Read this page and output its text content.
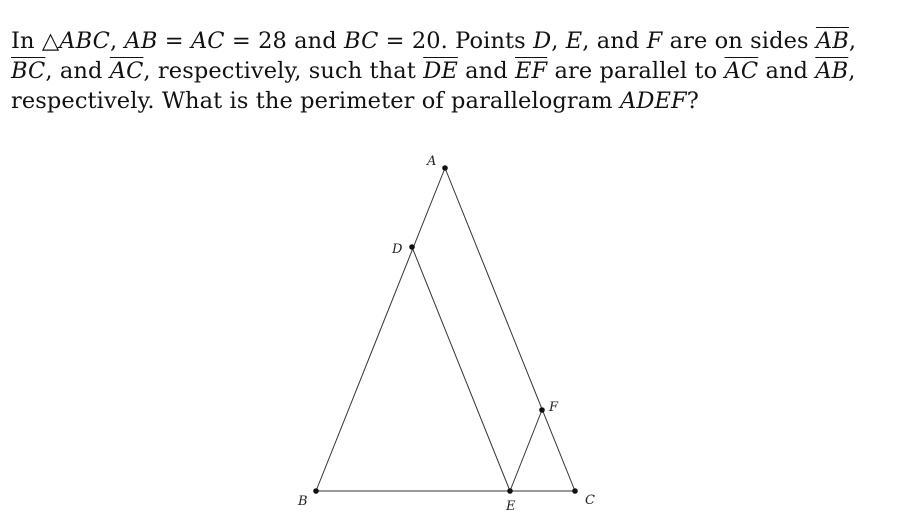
In △ABC, AB = AC = 28 and BC = 20. Points D, E, and F are on sides $\overline{AB}$, $\overline{BC}$, and $\overline{AC}$, respectively, such that $\overline{DE}$ and $\overline{EF}$ are parallel to $\overline{AC}$ and $\overline{AB}$, respectively. What is the perimeter of parallelogram ADEF?

A
B	C
D
E
F
